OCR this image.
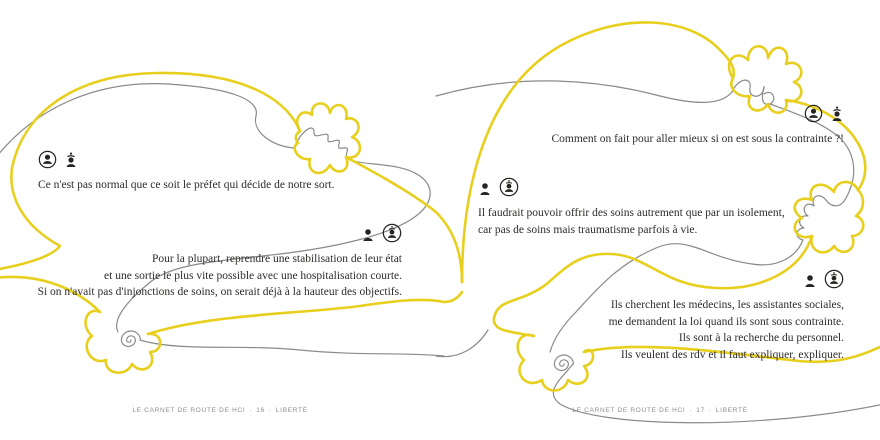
Ce n'est pas normal que ce soit le préfet qui décide de notre sort.
Pour la plupart, reprendre une stabilisation de leur état
et une sortie le plus vite possible avec une hospitalisation courte.
Si on n'avait pas d'injonctions de soins, on serait déjà à la hauteur des objectifs.
Comment on fait pour aller mieux si on est sous la contrainte ?!
Il faudrait pouvoir offrir des soins autrement que par un isolement,
car pas de soins mais traumatisme parfois à vie.
Ils cherchent les médecins, les assistantes sociales,
me demandent la loi quand ils sont sous contrainte.
Ils sont à la recherche du personnel.
Ils veulent des rdv et il faut expliquer, expliquer.
LE CARNET DE ROUTE DE HCI · 16 · LIBERTÉ	LE CARNET DE ROUTE DE HCI · 17 · LIBERTÉ
